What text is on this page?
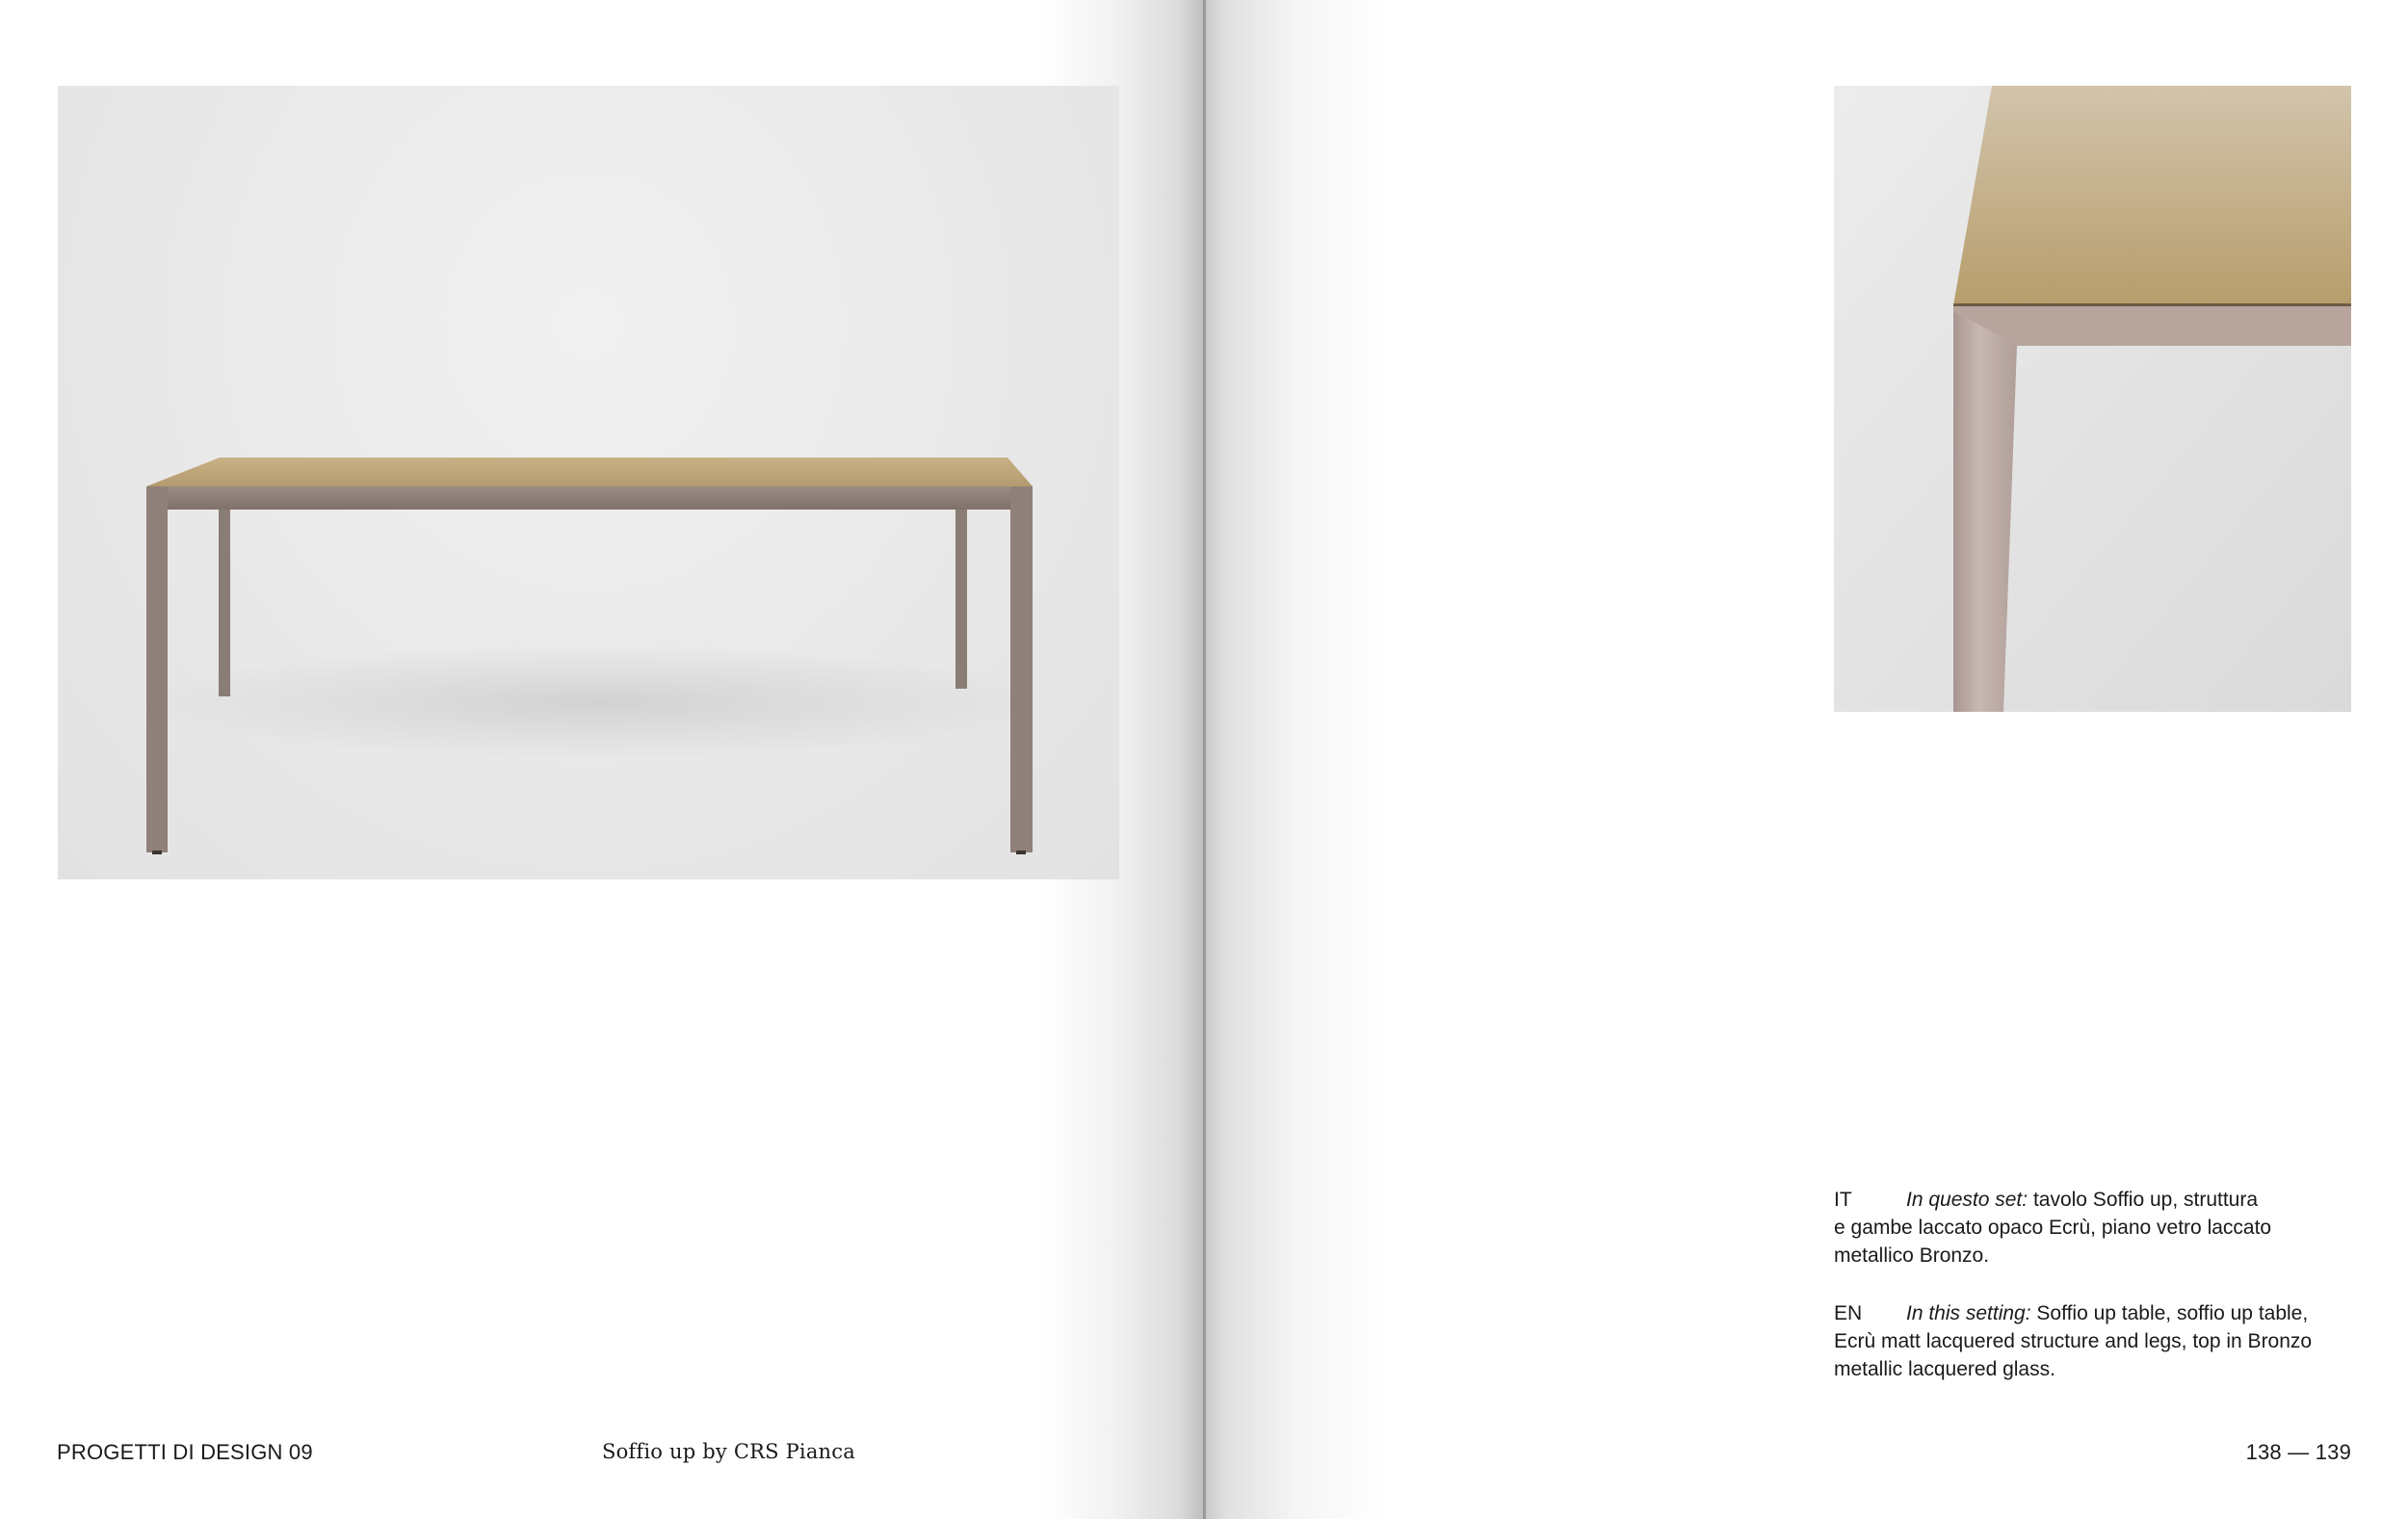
IT	In questo set: tavolo Soffio up, struttura
e gambe laccato opaco Ecrù, piano vetro laccato
metallico Bronzo.
EN In this setting: Soffio up table, soffio up table,
Ecrù matt lacquered structure and legs, top in Bronzo
metallic lacquered glass.
PROGETTI DI DESIGN 09	Soffio up by CRS Pianca	138 — 139
